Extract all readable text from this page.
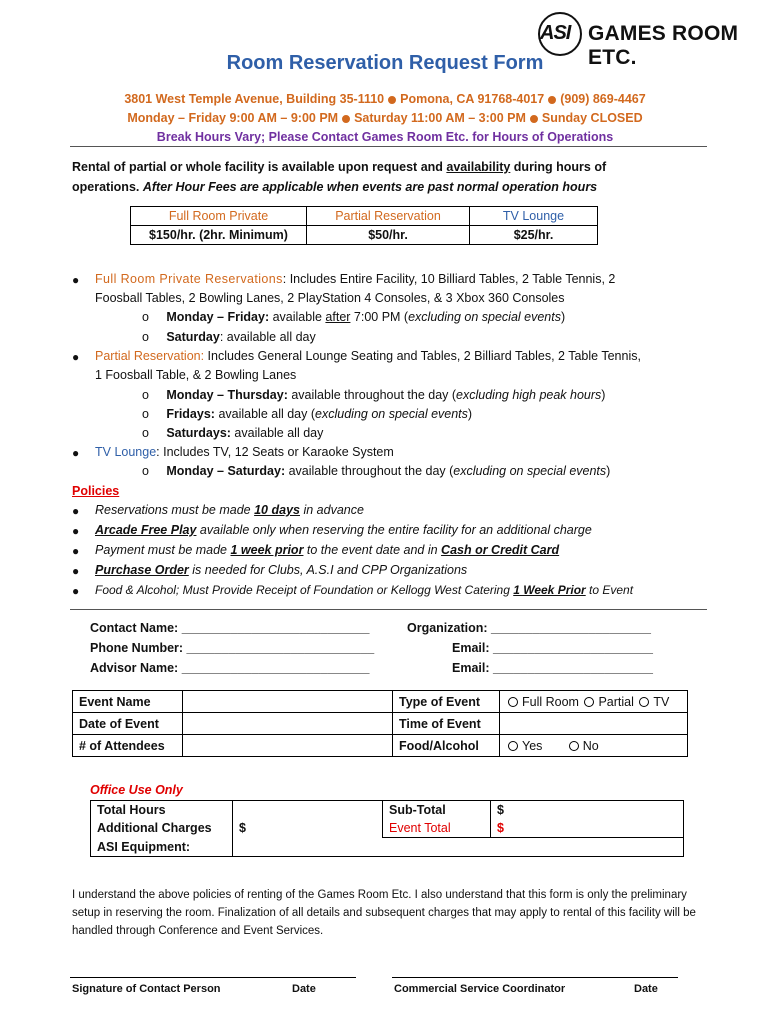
ASI GAMES ROOM ETC.
Room Reservation Request Form
3801 West Temple Avenue, Building 35-1110 Pomona, CA 91768-4017 (909) 869-4467
Monday – Friday 9:00 AM – 9:00 PM Saturday 11:00 AM – 3:00 PM Sunday CLOSED
Break Hours Vary; Please Contact Games Room Etc. for Hours of Operations
Rental of partial or whole facility is available upon request and availability during hours of
operations. After Hour Fees are applicable when events are past normal operation hours
Full Room Private	Partial Reservation	TV Lounge
$150/hr. (2hr. Minimum)	$50/hr.	$25/hr.
● Full Room Private Reservations: Includes Entire Facility, 10 Billiard Tables, 2 Table Tennis, 2
Foosball Tables, 2 Bowling Lanes, 2 PlayStation 4 Consoles, & 3 Xbox 360 Consoles
o     Monday – Friday: available after 7:00 PM (excluding on special events)
o     Saturday: available all day
● Partial Reservation: Includes General Lounge Seating and Tables, 2 Billiard Tables, 2 Table Tennis,
1 Foosball Table, & 2 Bowling Lanes
o     Monday – Thursday: available throughout the day (excluding high peak hours)
o     Fridays: available all day (excluding on special events)
o     Saturdays: available all day
● TV Lounge: Includes TV, 12 Seats or Karaoke System
o     Monday – Saturday: available throughout the day (excluding on special events)
Policies
● Reservations must be made 10 days in advance
● Arcade Free Play available only when reserving the entire facility for an additional charge
● Payment must be made 1 week prior to the event date and in Cash or Credit Card
● Purchase Order is needed for Clubs, A.S.I and CPP Organizations
● Food & Alcohol; Must Provide Receipt of Foundation or Kellogg West Catering 1 Week Prior to Event
Contact Name: ___________________________
Phone Number: ___________________________
Advisor Name: ___________________________
Organization: _______________________
Email: _______________________
Email: _______________________
Event Name		Type of Event	Full Room Partial TV
Date of Event		Time of Event	
# of Attendees		Food/Alcohol	Yes No
Office Use Only
Total Hours		Sub-Total	$
Additional Charges	$	Event Total	$
ASI Equipment:			
I understand the above policies of renting of the Games Room Etc. I also understand that this form is only the preliminary setup in reserving the room. Finalization of all details and subsequent charges that may apply to rental of this facility will be handled through Conference and Event Services.
Signature of Contact Person	Date	Commercial Service Coordinator	Date
